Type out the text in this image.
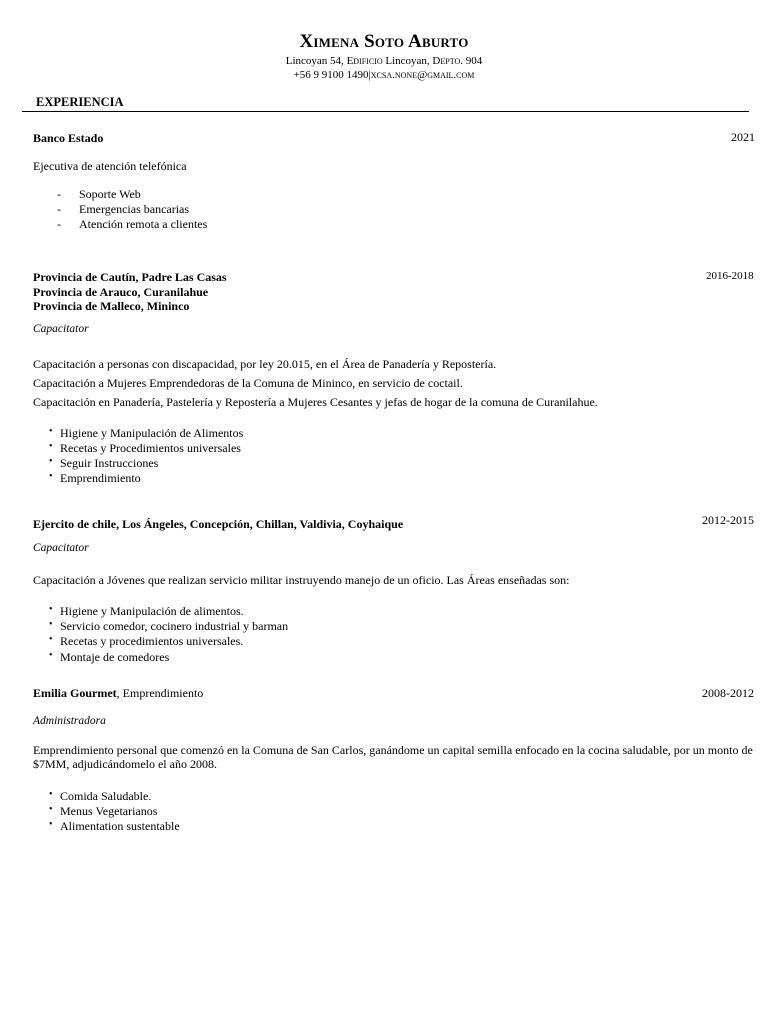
Ximena Soto Aburto
Lincoyan 54, Edificio Lincoyan, Depto. 904
+56 9 9100 1490|xcsa.none@gmail.com
EXPERIENCIA
Banco Estado	2021
Ejecutiva de atención telefónica
- Soporte Web
- Emergencias bancarias
- Atención remota a clientes
Provincia de Cautín, Padre Las Casas	2016-2018
Provincia de Arauco, Curanilahue
Provincia de Malleco, Mininco
Capacitator
Capacitación a personas con discapacidad, por ley 20.015, en el Área de Panadería y Repostería.
Capacitación a Mujeres Emprendedoras de la Comuna de Mininco, en servicio de coctail.
Capacitación en Panadería, Pastelería y Repostería a Mujeres Cesantes y jefas de hogar de la comuna de Curanilahue.
• Higiene y Manipulación de Alimentos
• Recetas y Procedimientos universales
• Seguir Instrucciones
• Emprendimiento
Ejercito de chile, Los Ángeles, Concepción, Chillan, Valdivia, Coyhaique	2012-2015
Capacitator
Capacitación a Jóvenes que realizan servicio militar instruyendo manejo de un oficio. Las Áreas enseñadas son:
• Higiene y Manipulación de alimentos.
• Servicio comedor, cocinero industrial y barman
• Recetas y procedimientos universales.
• Montaje de comedores
Emilia Gourmet, Emprendimiento	2008-2012
Administradora
Emprendimiento personal que comenzó en la Comuna de San Carlos, ganándome un capital semilla enfocado en la cocina saludable, por un monto de $7MM, adjudicándomelo el año 2008.
• Comida Saludable.
• Menus Vegetarianos
• Alimentation sustentable
